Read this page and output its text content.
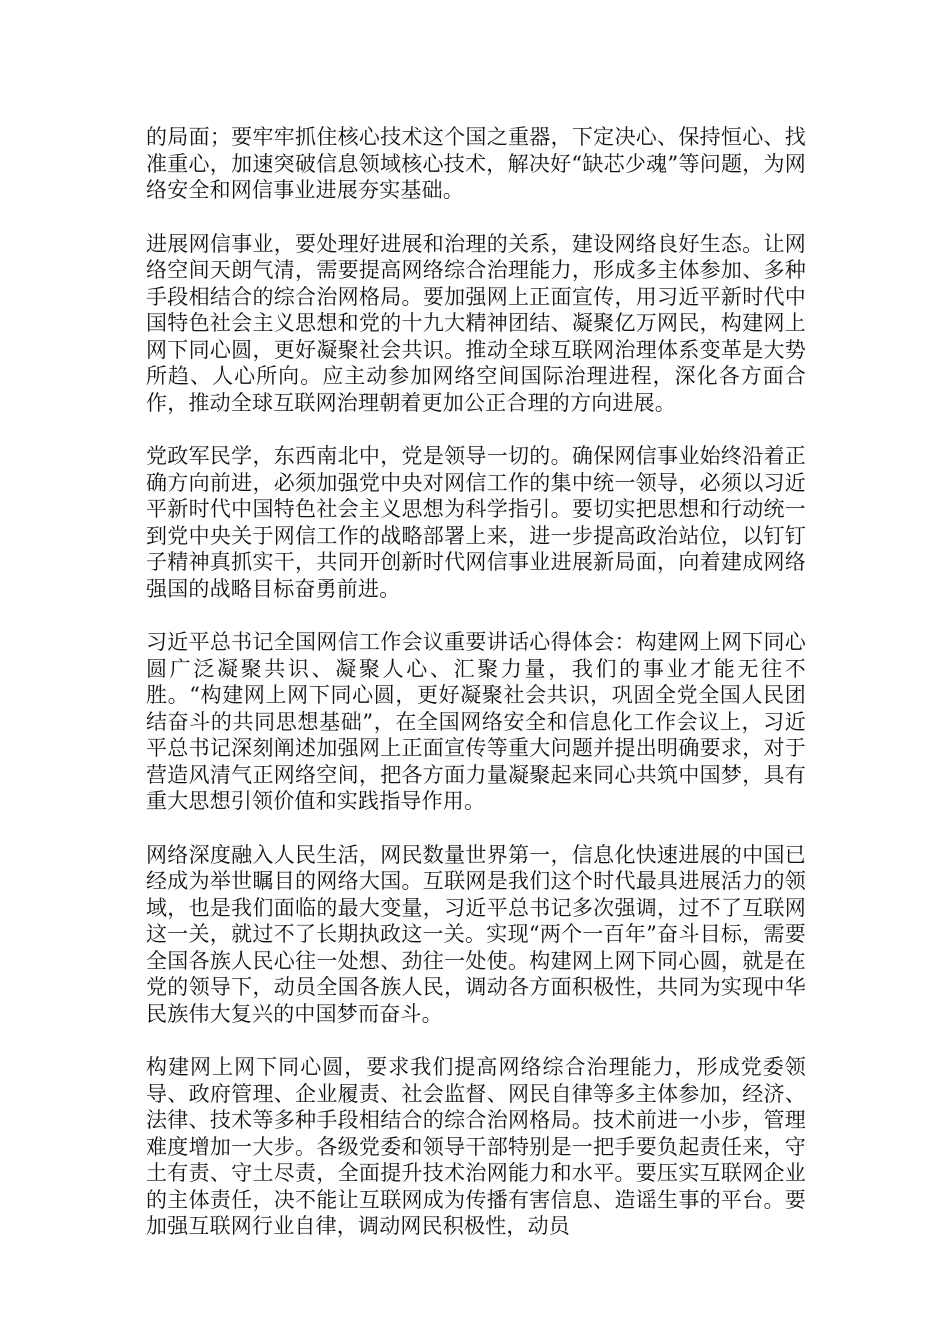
的局面；要牢牢抓住核心技术这个国之重器，下定决心、保持恒心、找准重心，加速突破信息领域核心技术，解决好“缺芯少魂”等问题，为网络安全和网信事业进展夯实基础。

进展网信事业，要处理好进展和治理的关系，建设网络良好生态。让网络空间天朗气清，需要提高网络综合治理能力，形成多主体参加、多种手段相结合的综合治网格局。要加强网上正面宣传，用习近平新时代中国特色社会主义思想和党的十九大精神团结、凝聚亿万网民，构建网上网下同心圆，更好凝聚社会共识。推动全球互联网治理体系变革是大势所趋、人心所向。应主动参加网络空间国际治理进程，深化各方面合作，推动全球互联网治理朝着更加公正合理的方向进展。

党政军民学，东西南北中，党是领导一切的。确保网信事业始终沿着正确方向前进，必须加强党中央对网信工作的集中统一领导，必须以习近平新时代中国特色社会主义思想为科学指引。要切实把思想和行动统一到党中央关于网信工作的战略部署上来，进一步提高政治站位，以钉钉子精神真抓实干，共同开创新时代网信事业进展新局面，向着建成网络强国的战略目标奋勇前进。

习近平总书记全国网信工作会议重要讲话心得体会：构建网上网下同心圆广泛凝聚共识、凝聚人心、汇聚力量，我们的事业才能无往不胜。“构建网上网下同心圆，更好凝聚社会共识，巩固全党全国人民团结奋斗的共同思想基础”，在全国网络安全和信息化工作会议上，习近平总书记深刻阐述加强网上正面宣传等重大问题并提出明确要求，对于营造风清气正网络空间，把各方面力量凝聚起来同心共筑中国梦，具有重大思想引领价值和实践指导作用。

网络深度融入人民生活，网民数量世界第一，信息化快速进展的中国已经成为举世瞩目的网络大国。互联网是我们这个时代最具进展活力的领域，也是我们面临的最大变量，习近平总书记多次强调，过不了互联网这一关，就过不了长期执政这一关。实现“两个一百年”奋斗目标，需要全国各族人民心往一处想、劲往一处使。构建网上网下同心圆，就是在党的领导下，动员全国各族人民，调动各方面积极性，共同为实现中华民族伟大复兴的中国梦而奋斗。

构建网上网下同心圆，要求我们提高网络综合治理能力，形成党委领导、政府管理、企业履责、社会监督、网民自律等多主体参加，经济、法律、技术等多种手段相结合的综合治网格局。技术前进一小步，管理难度增加一大步。各级党委和领导干部特别是一把手要负起责任来，守土有责、守土尽责，全面提升技术治网能力和水平。要压实互联网企业的主体责任，决不能让互联网成为传播有害信息、造谣生事的平台。要加强互联网行业自律，调动网民积极性，动员
